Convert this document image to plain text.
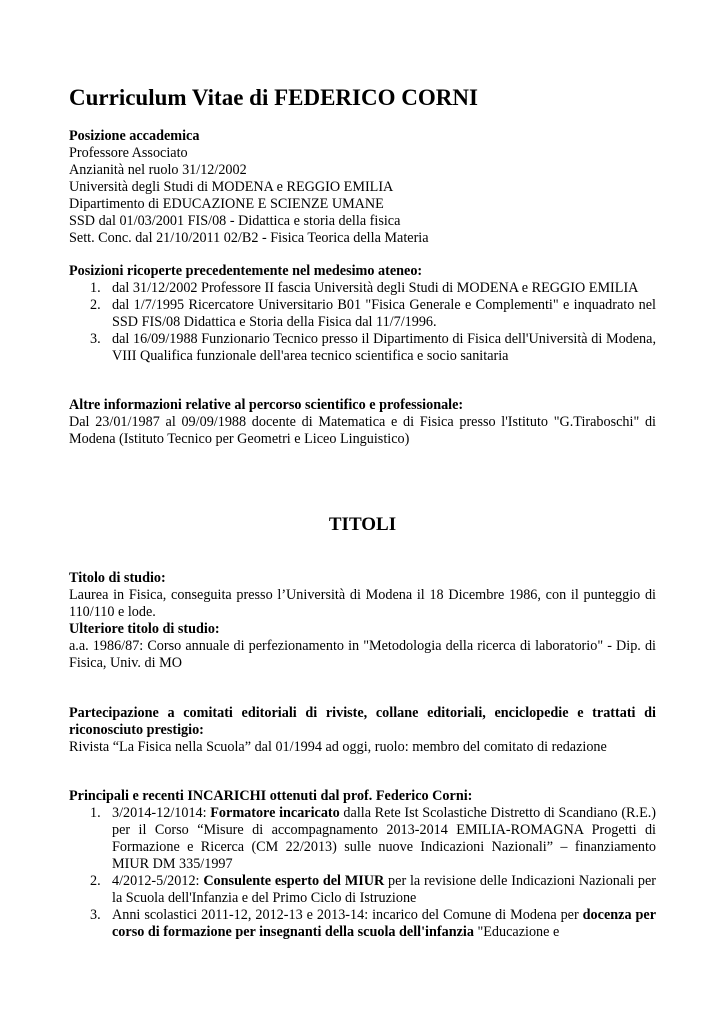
Curriculum Vitae di FEDERICO CORNI
Posizione accademica
Professore Associato
Anzianità nel ruolo 31/12/2002
Università degli Studi di MODENA e REGGIO EMILIA
Dipartimento di EDUCAZIONE E SCIENZE UMANE
SSD dal 01/03/2001 FIS/08 - Didattica e storia della fisica
Sett. Conc. dal 21/10/2011 02/B2 - Fisica Teorica della Materia
Posizioni ricoperte precedentemente nel medesimo ateneo:
1. dal 31/12/2002 Professore II fascia Università degli Studi di MODENA e REGGIO EMILIA
2. dal 1/7/1995 Ricercatore Universitario B01 "Fisica Generale e Complementi" e inquadrato nel SSD FIS/08 Didattica e Storia della Fisica dal 11/7/1996.
3. dal 16/09/1988 Funzionario Tecnico presso il Dipartimento di Fisica dell'Università di Modena, VIII Qualifica funzionale dell'area tecnico scientifica e socio sanitaria
Altre informazioni relative al percorso scientifico e professionale:
Dal 23/01/1987 al 09/09/1988 docente di Matematica e di Fisica presso l'Istituto "G.Tiraboschi" di Modena (Istituto Tecnico per Geometri e Liceo Linguistico)
TITOLI
Titolo di studio:
Laurea in Fisica, conseguita presso l’Università di Modena il 18 Dicembre 1986, con il punteggio di 110/110 e lode.
Ulteriore titolo di studio:
a.a. 1986/87: Corso annuale di perfezionamento in "Metodologia della ricerca di laboratorio" - Dip. di Fisica, Univ. di MO
Partecipazione a comitati editoriali di riviste, collane editoriali, enciclopedie e trattati di riconosciuto prestigio:
Rivista “La Fisica nella Scuola” dal 01/1994 ad oggi, ruolo: membro del comitato di redazione
Principali e recenti INCARICHI ottenuti dal prof. Federico Corni:
1. 3/2014-12/1014: Formatore incaricato dalla Rete Ist Scolastiche Distretto di Scandiano (R.E.) per il Corso “Misure di accompagnamento 2013-2014 EMILIA-ROMAGNA Progetti di Formazione e Ricerca (CM 22/2013) sulle nuove Indicazioni Nazionali” – finanziamento MIUR DM 335/1997
2. 4/2012-5/2012: Consulente esperto del MIUR per la revisione delle Indicazioni Nazionali per la Scuola dell'Infanzia e del Primo Ciclo di Istruzione
3. Anni scolastici 2011-12, 2012-13 e 2013-14: incarico del Comune di Modena per docenza per corso di formazione per insegnanti della scuola dell'infanzia "Educazione e
